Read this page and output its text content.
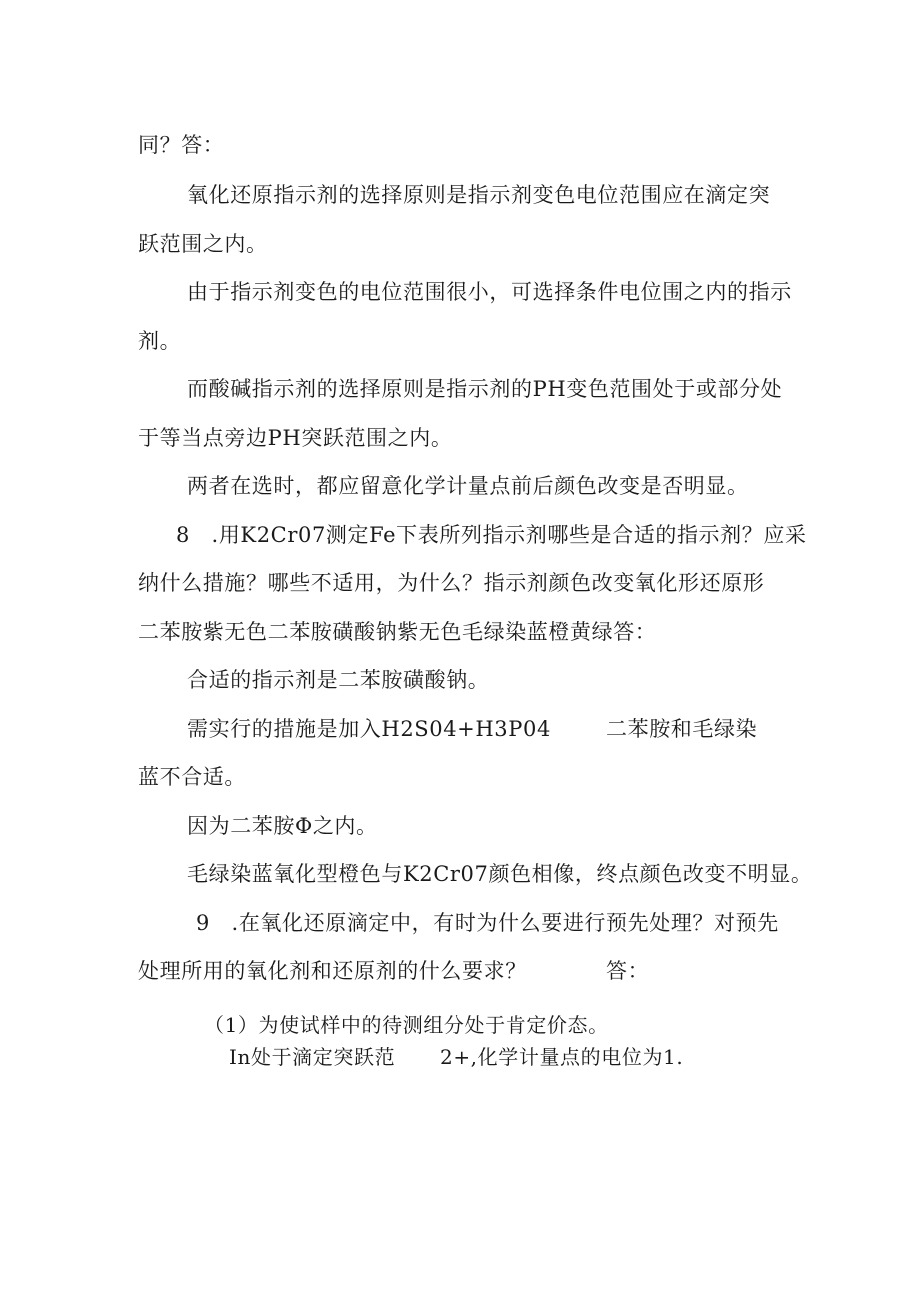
同？答：
氧化还原指示剂的选择原则是指示剂变色电位范围应在滴定突
跃范围之内。
由于指示剂变色的电位范围很小，可选择条件电位围之内的指示
剂。
而酸碱指示剂的选择原则是指示剂的PH变色范围处于或部分处
于等当点旁边PH突跃范围之内。
两者在选时，都应留意化学计量点前后颜色改变是否明显。
8　.用K2Cr07测定Fe下表所列指示剂哪些是合适的指示剂？应采
纳什么措施？哪些不适用，为什么？指示剂颜色改变氧化形还原形
二苯胺紫无色二苯胺磺酸钠紫无色毛绿染蓝橙黄绿答：
合适的指示剂是二苯胺磺酸钠。
需实行的措施是加入H2S04+H3P04	二苯胺和毛绿染
蓝不合适。
因为二苯胺Φ之内。
毛绿染蓝氧化型橙色与K2Cr07颜色相像，终点颜色改变不明显。
9　.在氧化还原滴定中，有时为什么要进行预先处理？对预先
处理所用的氧化剂和还原剂的什么要求？	答：
（1）为使试样中的待测组分处于肯定价态。
In处于滴定突跃范 2+,化学计量点的电位为1.
